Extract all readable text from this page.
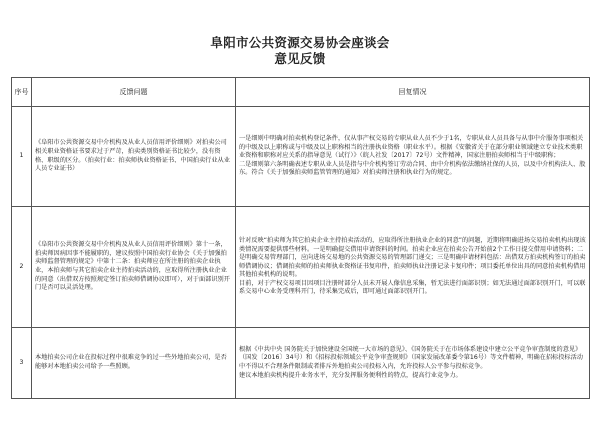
阜阳市公共资源交易协会座谈会
意见反馈
序号	反馈问题	回复情况
1	《阜阳市公共资源交易中介机构及从业人员信用评价细则》对拍卖公司相关职业资格证书要求过于严苛，拍卖类别资格证书比较少，没有资格、职级的区分。（拍卖行业：拍卖师执业资格证书、中国拍卖行业从业人员专业证书）	一是细则中明确对拍卖机构登记条件，仅从事产权交易的专职从业人员不少于1名，专职从业人员具备与从事中介服务事项相关的中级及以上职称或与中级及以上职称相当的注册执业资格（职业水平）。根据《安徽省关于在部分职业领域建立专业技术类职业资格和职称对应关系的指导意见（试行）》（皖人社发〔2017〕72号）文件精神，国家注册拍卖师相当于中级职称；
二是细则第六条明确表述专职从业人员是指与中介机构签订劳动合同、由中介机构依法缴纳社保的人员，以及中介机构法人、股东。符合《关于加强拍卖师监管管理的通知》对拍卖师注册和执业行为的规定。

2	《阜阳市公共资源交易中介机构及从业人员信用评价细则》第十一条，拍卖师因病因事不能履职的，建议按照中国拍卖行业协会《关于加强拍卖师监督管理的规定》中第十二条：拍卖师应在所注册的拍卖企业执业，本拍卖师与其它拍卖企业主持拍卖活动的，应取得所注册执业企业的同意（出借双方按照规定签订拍卖师借调协议即可），对于面部识别开门是否可以灵活处理。	针对反映“拍卖师为其它拍卖企业主持拍卖活动的，应取得所注册执业企业的同意”的问题，近期将明确进场交易拍卖机构出现该类情况需要提供那些材料。一是明确提交借用申请资料的时间。拍卖企业应在拍卖公告开始前2个工作日提交借用申请资料；二是明确交易管理部门，应向进场交易地的公共资源交易的管理部门递交；三是明确申请材料包括：出借双方拍卖机构签订的拍卖师借调协议；借调拍卖师的拍卖师执业资格证书复印件，拍卖师执业注册记录卡复印件；项目委托单位出具的同意拍卖机构借用其他拍卖机构的说明。
目前，对于产权交易项目因项目注册时部分人员未开展人像信息采集，暂无法进行面部识别；如无法通过面部识别开门，可以联系交易中心业务受理科开门，待采集完成后，即可通过面部识别开门。

3	本地拍卖公司企业在投标过程中很难竞争的过一些外地拍卖公司，是否能够对本地拍卖公司给予一些照顾。	根据《中共中央 国务院关于加快建设全国统一大市场的意见》、《国务院关于在市场体系建设中建立公平竞争审查制度的意见》（国发〔2016〕34号）和《招标投标领域公平竞争审查规则》（国家发展改革委令第16号）等文件精神，明确在招标投标活动中不得以不合理条件限制或者排斥外地拍卖公司投标入内，允许投标人公平参与投标竞争。
建议本地拍卖机构提升业务水平，充分发挥服务便利性的特点，提高行业竞争力。
